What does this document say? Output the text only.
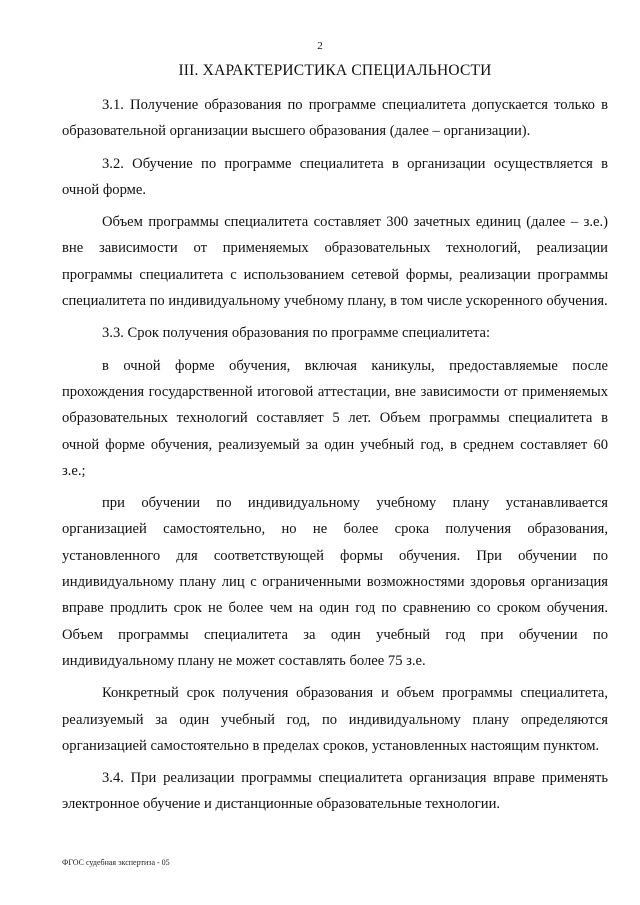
2
III. ХАРАКТЕРИСТИКА СПЕЦИАЛЬНОСТИ

3.1. Получение образования по программе специалитета допускается только в образовательной организации высшего образования (далее – организации).

3.2. Обучение по программе специалитета в организации осуществляется в очной форме.

Объем программы специалитета составляет 300 зачетных единиц (далее – з.е.) вне зависимости от применяемых образовательных технологий, реализации программы специалитета с использованием сетевой формы, реализации программы специалитета по индивидуальному учебному плану, в том числе ускоренного обучения.

3.3. Срок получения образования по программе специалитета:

в очной форме обучения, включая каникулы, предоставляемые после прохождения государственной итоговой аттестации, вне зависимости от применяемых образовательных технологий составляет 5 лет. Объем программы специалитета в очной форме обучения, реализуемый за один учебный год, в среднем составляет 60 з.е.;

при обучении по индивидуальному учебному плану устанавливается организацией самостоятельно, но не более срока получения образования, установленного для соответствующей формы обучения. При обучении по индивидуальному плану лиц с ограниченными возможностями здоровья организация вправе продлить срок не более чем на один год по сравнению со сроком обучения. Объем программы специалитета за один учебный год при обучении по индивидуальному плану не может составлять более 75 з.е.

Конкретный срок получения образования и объем программы специалитета, реализуемый за один учебный год, по индивидуальному плану определяются организацией самостоятельно в пределах сроков, установленных настоящим пунктом.

3.4. При реализации программы специалитета организация вправе применять электронное обучение и дистанционные образовательные технологии.

ФГОС судебная экспертиза - 05
